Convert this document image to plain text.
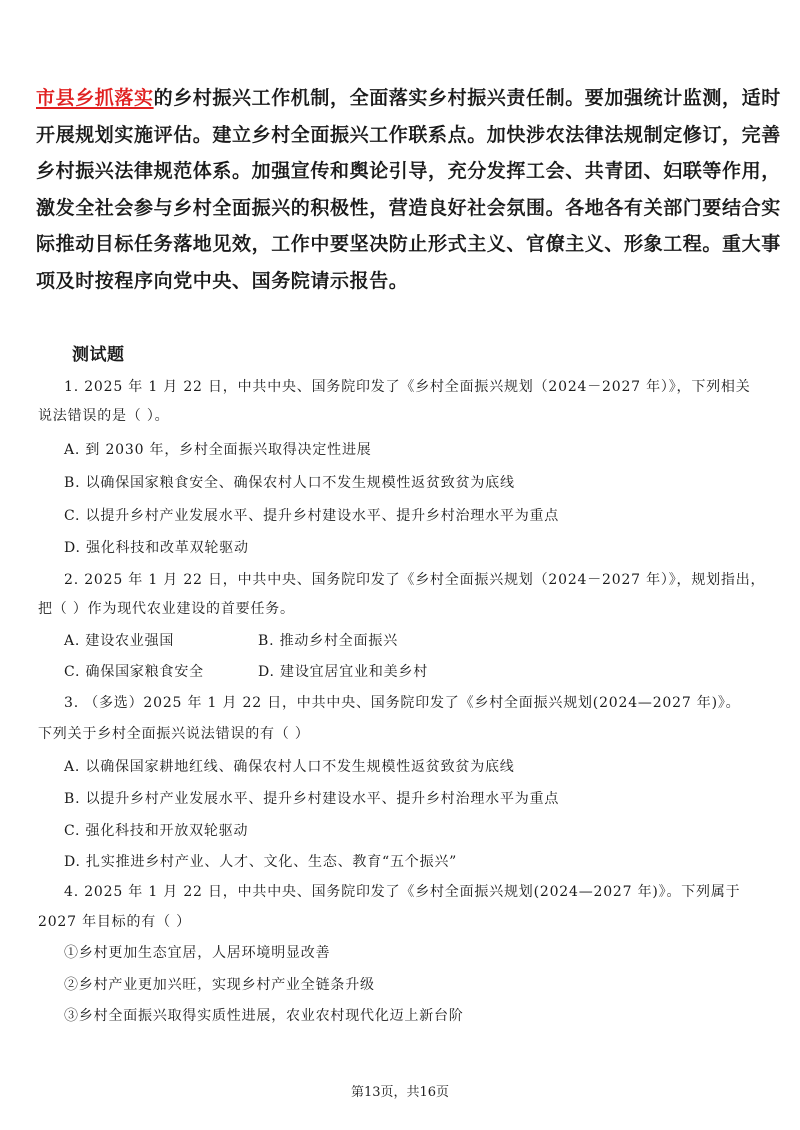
市县乡抓落实的乡村振兴工作机制，全面落实乡村振兴责任制。要加强统计监测，适时
开展规划实施评估。建立乡村全面振兴工作联系点。加快涉农法律法规制定修订，完善
乡村振兴法律规范体系。加强宣传和舆论引导，充分发挥工会、共青团、妇联等作用，
激发全社会参与乡村全面振兴的积极性，营造良好社会氛围。各地各有关部门要结合实
际推动目标任务落地见效，工作中要坚决防止形式主义、官僚主义、形象工程。重大事
项及时按程序向党中央、国务院请示报告。
测试题
1. 2025 年 1 月 22 日，中共中央、国务院印发了《乡村全面振兴规划（2024－2027 年）》，下列相关
说法错误的是（ ）。
A. 到 2030 年，乡村全面振兴取得决定性进展
B. 以确保国家粮食安全、确保农村人口不发生规模性返贫致贫为底线
C. 以提升乡村产业发展水平、提升乡村建设水平、提升乡村治理水平为重点
D. 强化科技和改革双轮驱动
2. 2025 年 1 月 22 日，中共中央、国务院印发了《乡村全面振兴规划（2024－2027 年）》，规划指出，
把（ ）作为现代农业建设的首要任务。
A. 建设农业强国	B. 推动乡村全面振兴
C. 确保国家粮食安全	D. 建设宜居宜业和美乡村
3. （多选）2025 年 1 月 22 日，中共中央、国务院印发了《乡村全面振兴规划(2024—2027 年)》。
下列关于乡村全面振兴说法错误的有（ ）
A. 以确保国家耕地红线、确保农村人口不发生规模性返贫致贫为底线
B. 以提升乡村产业发展水平、提升乡村建设水平、提升乡村治理水平为重点
C. 强化科技和开放双轮驱动
D. 扎实推进乡村产业、人才、文化、生态、教育“五个振兴”
4. 2025 年 1 月 22 日，中共中央、国务院印发了《乡村全面振兴规划(2024—2027 年)》。下列属于
2027 年目标的有（ ）
①乡村更加生态宜居，人居环境明显改善
②乡村产业更加兴旺，实现乡村产业全链条升级
③乡村全面振兴取得实质性进展，农业农村现代化迈上新台阶
第13页，共16页
